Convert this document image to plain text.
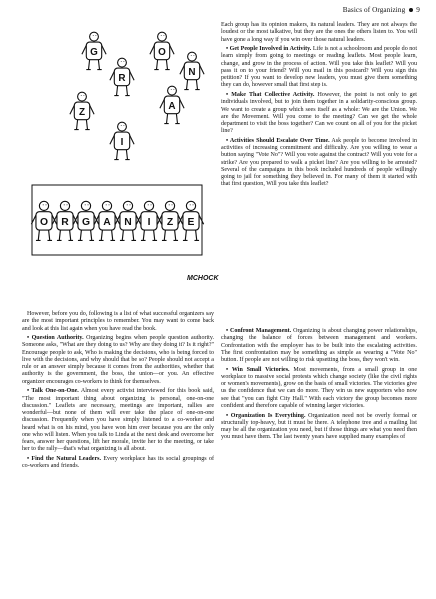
Basics of Organizing 9
G	O
R
N
Z
A
I
O R G A N I Z E
MCHOCK

Each group has its opinion makers, its natural leaders. They are not always the loudest or the most talkative, but they are the ones the others listen to. You will have gone a long way if you win over those natural leaders.

• Get People Involved in Activity. Life is not a schoolroom and people do not learn simply from going to meetings or reading leaflets. Most people learn, change, and grow in the process of action. Will you take this leaflet? Will you pass it on to your friend? Will you mail in this postcard? Will you sign this petition? If you want to develop new leaders, you must give them something they can do, however small that first step is.

• Make That Collective Activity. However, the point is not only to get individuals involved, but to join them together in a solidarity-conscious group. We want to create a group which sees itself as a whole: We are the Union. We are the Movement. Will you come to the meeting? Can we get the whole department to visit the boss together? Can we count on all of you for the picket line?

• Activities Should Escalate Over Time. Ask people to become involved in activities of increasing commitment and difficulty. Are you willing to wear a button saying "Vote No"? Will you vote against the contract? Will you vote for a strike? Are you prepared to walk a picket line? Are you willing to be arrested? Several of the campaigns in this book included hundreds of people willingly going to jail for something they believed in. For many of them it started with that first question, Will you take this leaflet?

However, before you do, following is a list of what successful organizers say are the most important principles to remember. You may want to come back and look at this list again when you have read the book.

• Question Authority. Organizing begins when people question authority. Someone asks, "What are they doing to us? Why are they doing it? Is it right?" Encourage people to ask, Who is making the decisions, who is being forced to live with the decisions, and why should that be so? People should not accept a rule or an answer simply because it comes from the authorities, whether that authority is the government, the boss, the union—or you. An effective organizer encourages co-workers to think for themselves.

• Talk One-on-One. Almost every activist interviewed for this book said, "The most important thing about organizing is personal, one-on-one discussion." Leaflets are necessary, meetings are important, rallies are wonderful—but none of them will ever take the place of one-on-one discussion. Frequently when you have simply listened to a co-worker and heard what is on his mind, you have won him over because you are the only one who will listen. When you talk to Linda at the next desk and overcome her fears, answer her questions, lift her morale, invite her to the meeting, or take her to the rally—that's what organizing is all about.

• Find the Natural Leaders. Every workplace has its social groupings of co-workers and friends.

• Confront Management. Organizing is about changing power relationships, changing the balance of forces between management and workers. Confrontation with the employer has to be built into the escalating activities. The first confrontation may be something as simple as wearing a "Vote No" button. If people are not willing to risk upsetting the boss, they won't win.

• Win Small Victories. Most movements, from a small group in one workplace to massive social protests which change society (like the civil rights or women's movements), grow on the basis of small victories. The victories give us the confidence that we can do more. They win us new supporters who now see that "you can fight City Hall." With each victory the group becomes more confident and therefore capable of winning larger victories.

• Organization Is Everything. Organization need not be overly formal or structurally top-heavy, but it must be there. A telephone tree and a mailing list may be all the organization you need, but if those things are what you need then you must have them. The last twenty years have supplied many examples of
